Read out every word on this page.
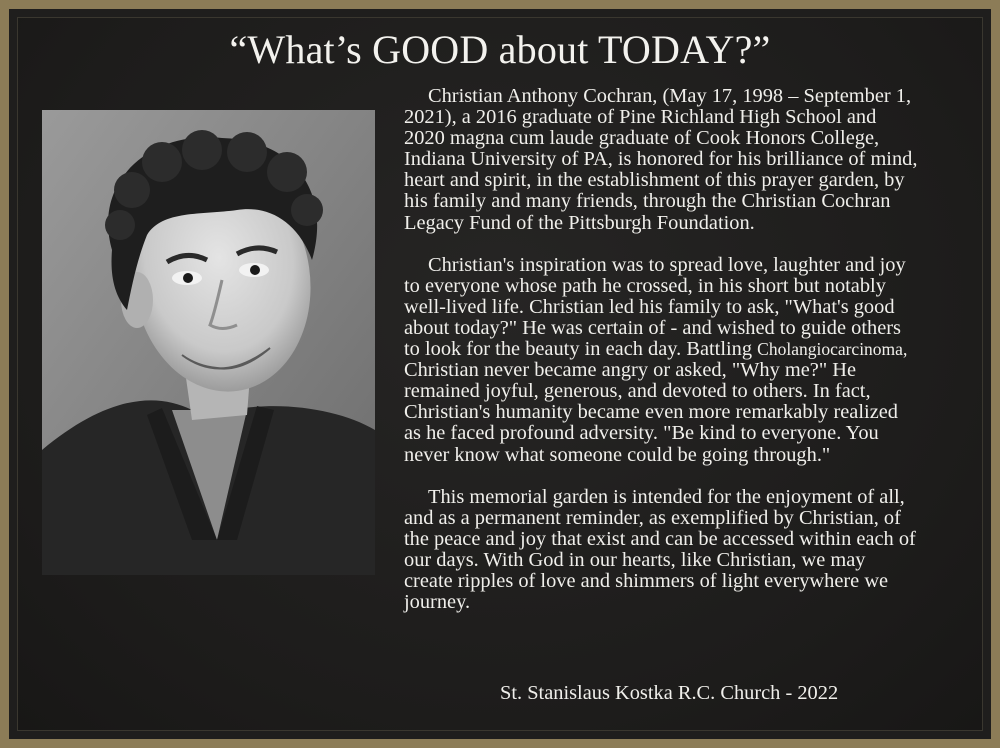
“What’s GOOD about TODAY?”

Christian Anthony Cochran, (May 17, 1998 – September 1,
2021), a 2016 graduate of Pine Richland High School and
2020 magna cum laude graduate of Cook Honors College,
Indiana University of PA, is honored for his brilliance of mind,
heart and spirit, in the establishment of this prayer garden, by
his family and many friends, through the Christian Cochran
Legacy Fund of the Pittsburgh Foundation.

Christian's inspiration was to spread love, laughter and joy
to everyone whose path he crossed, in his short but notably
well-lived life. Christian led his family to ask, "What's good
about today?" He was certain of - and wished to guide others
to look for the beauty in each day. Battling Cholangiocarcinoma,
Christian never became angry or asked, "Why me?" He
remained joyful, generous, and devoted to others. In fact,
Christian's humanity became even more remarkably realized
as he faced profound adversity. "Be kind to everyone. You
never know what someone could be going through."

This memorial garden is intended for the enjoyment of all,
and as a permanent reminder, as exemplified by Christian, of
the peace and joy that exist and can be accessed within each of
our days. With God in our hearts, like Christian, we may
create ripples of love and shimmers of light everywhere we
journey.

St. Stanislaus Kostka R.C. Church - 2022
